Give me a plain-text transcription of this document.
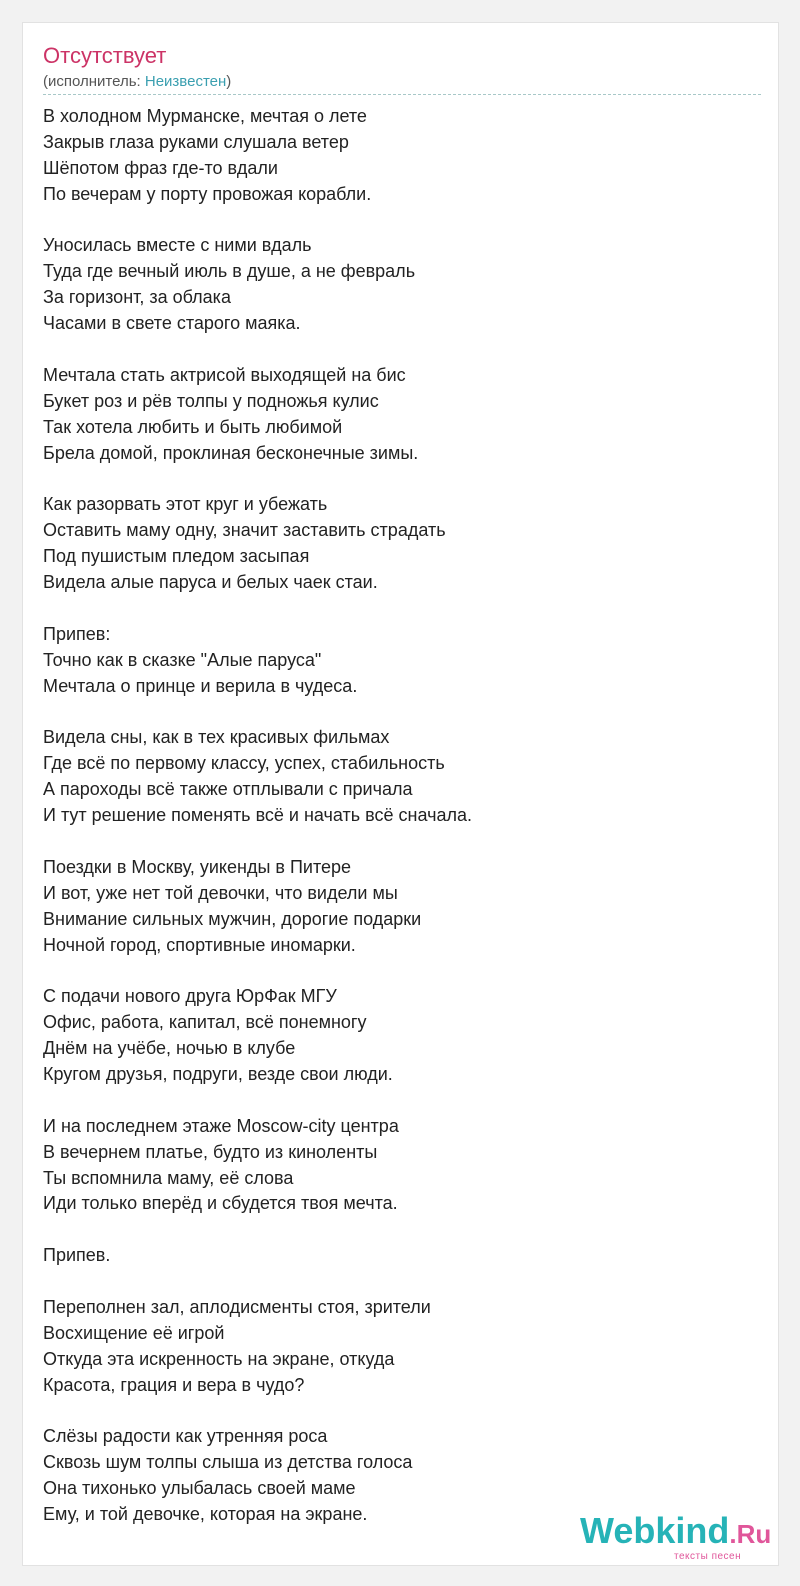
Отсутствует
(исполнитель: Неизвестен)
В холодном Мурманске, мечтая о лете
Закрыв глаза руками слушала ветер
Шёпотом фраз где-то вдали
По вечерам у порту провожая корабли.
Уносилась вместе с ними вдаль
Туда где вечный июль в душе, а не февраль
За горизонт, за облака
Часами в свете старого маяка.
Мечтала стать актрисой выходящей на бис
Букет роз и рёв толпы у подножья кулис
Так хотела любить и быть любимой
Брела домой, проклиная бесконечные зимы.
Как разорвать этот круг и убежать
Оставить маму одну, значит заставить страдать
Под пушистым пледом засыпая
Видела алые паруса и белых чаек стаи.
Припев:
Точно как в сказке "Алые паруса"
Мечтала о принце и верила в чудеса.
Видела сны, как в тех красивых фильмах
Где всё по первому классу, успех, стабильность
А пароходы всё также отплывали с причала
И тут решение поменять всё и начать всё сначала.
Поездки в Москву, уикенды в Питере
И вот, уже нет той девочки, что видели мы
Внимание сильных мужчин, дорогие подарки
Ночной город, спортивные иномарки.
С подачи нового друга ЮрФак МГУ
Офис, работа, капитал, всё понемногу
Днём на учёбе, ночью в клубе
Кругом друзья, подруги, везде свои люди.
И на последнем этаже Moscow-city центра
В вечернем платье, будто из киноленты
Ты вспомнила маму, её слова
Иди только вперёд и сбудется твоя мечта.
Припев.
Переполнен зал, аплодисменты стоя, зрители
Восхищение её игрой
Откуда эта искренность на экране, откуда
Красота, грация и вера в чудо?
Слёзы радости как утренняя роса
Сквозь шум толпы слыша из детства голоса
Она тихонько улыбалась своей маме
Ему, и той девочке, которая на экране.	Webkind.Ru
тексты песен
